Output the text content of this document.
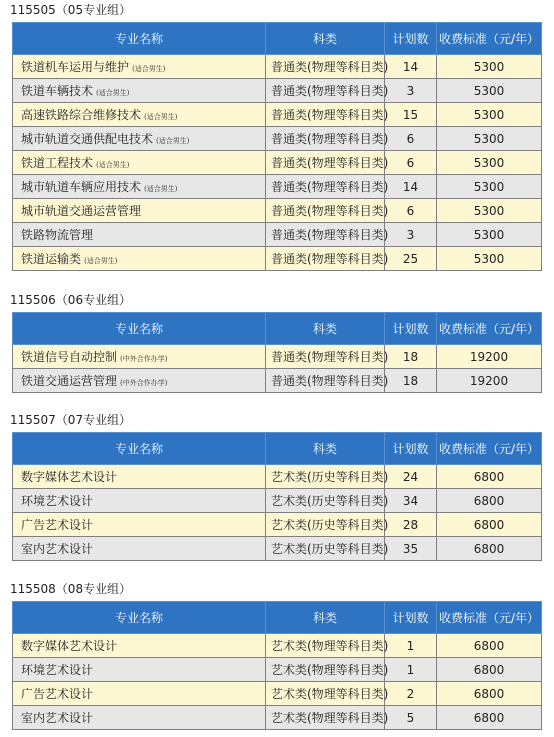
115505（05专业组）
专业名称	科类	计划数	收费标准（元/年）
铁道机车运用与维护 (适合男生)	普通类(物理等科目类)	14	5300
铁道车辆技术 (适合男生)	普通类(物理等科目类)	3	5300
高速铁路综合维修技术 (适合男生)	普通类(物理等科目类)	15	5300
城市轨道交通供配电技术 (适合男生)	普通类(物理等科目类)	6	5300
铁道工程技术 (适合男生)	普通类(物理等科目类)	6	5300
城市轨道车辆应用技术 (适合男生)	普通类(物理等科目类)	14	5300
城市轨道交通运营管理	普通类(物理等科目类)	6	5300
铁路物流管理	普通类(物理等科目类)	3	5300
铁道运输类 (适合男生)	普通类(物理等科目类)	25	5300
115506（06专业组）
专业名称	科类	计划数	收费标准（元/年）
铁道信号自动控制 (中外合作办学)	普通类(物理等科目类)	18	19200
铁道交通运营管理 (中外合作办学)	普通类(物理等科目类)	18	19200
115507（07专业组）
专业名称	科类	计划数	收费标准（元/年）
数字媒体艺术设计	艺术类(历史等科目类)	24	6800
环境艺术设计	艺术类(历史等科目类)	34	6800
广告艺术设计	艺术类(历史等科目类)	28	6800
室内艺术设计	艺术类(历史等科目类)	35	6800
115508（08专业组）
专业名称	科类	计划数	收费标准（元/年）
数字媒体艺术设计	艺术类(物理等科目类)	1	6800
环境艺术设计	艺术类(物理等科目类)	1	6800
广告艺术设计	艺术类(物理等科目类)	2	6800
室内艺术设计	艺术类(物理等科目类)	5	6800
